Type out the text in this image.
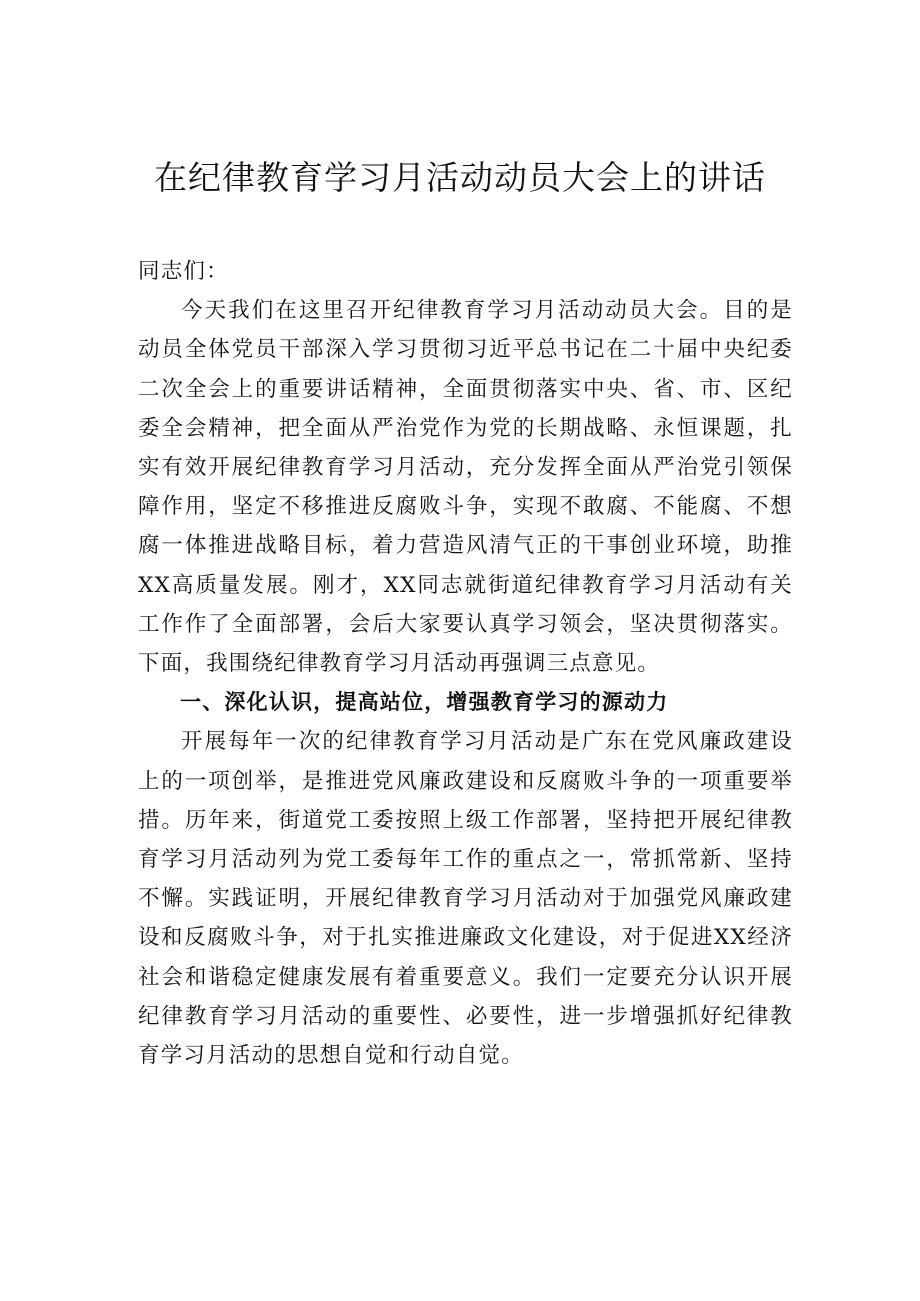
在纪律教育学习月活动动员大会上的讲话

同志们：

今天我们在这里召开纪律教育学习月活动动员大会。目的是动员全体党员干部深入学习贯彻习近平总书记在二十届中央纪委二次全会上的重要讲话精神，全面贯彻落实中央、省、市、区纪委全会精神，把全面从严治党作为党的长期战略、永恒课题，扎实有效开展纪律教育学习月活动，充分发挥全面从严治党引领保障作用，坚定不移推进反腐败斗争，实现不敢腐、不能腐、不想腐一体推进战略目标，着力营造风清气正的干事创业环境，助推XX高质量发展。刚才，XX同志就街道纪律教育学习月活动有关工作作了全面部署，会后大家要认真学习领会，坚决贯彻落实。下面，我围绕纪律教育学习月活动再强调三点意见。

一、深化认识，提高站位，增强教育学习的源动力

开展每年一次的纪律教育学习月活动是广东在党风廉政建设上的一项创举，是推进党风廉政建设和反腐败斗争的一项重要举措。历年来，街道党工委按照上级工作部署，坚持把开展纪律教育学习月活动列为党工委每年工作的重点之一，常抓常新、坚持不懈。实践证明，开展纪律教育学习月活动对于加强党风廉政建设和反腐败斗争，对于扎实推进廉政文化建设，对于促进XX经济社会和谐稳定健康发展有着重要意义。我们一定要充分认识开展纪律教育学习月活动的重要性、必要性，进一步增强抓好纪律教育学习月活动的思想自觉和行动自觉。
